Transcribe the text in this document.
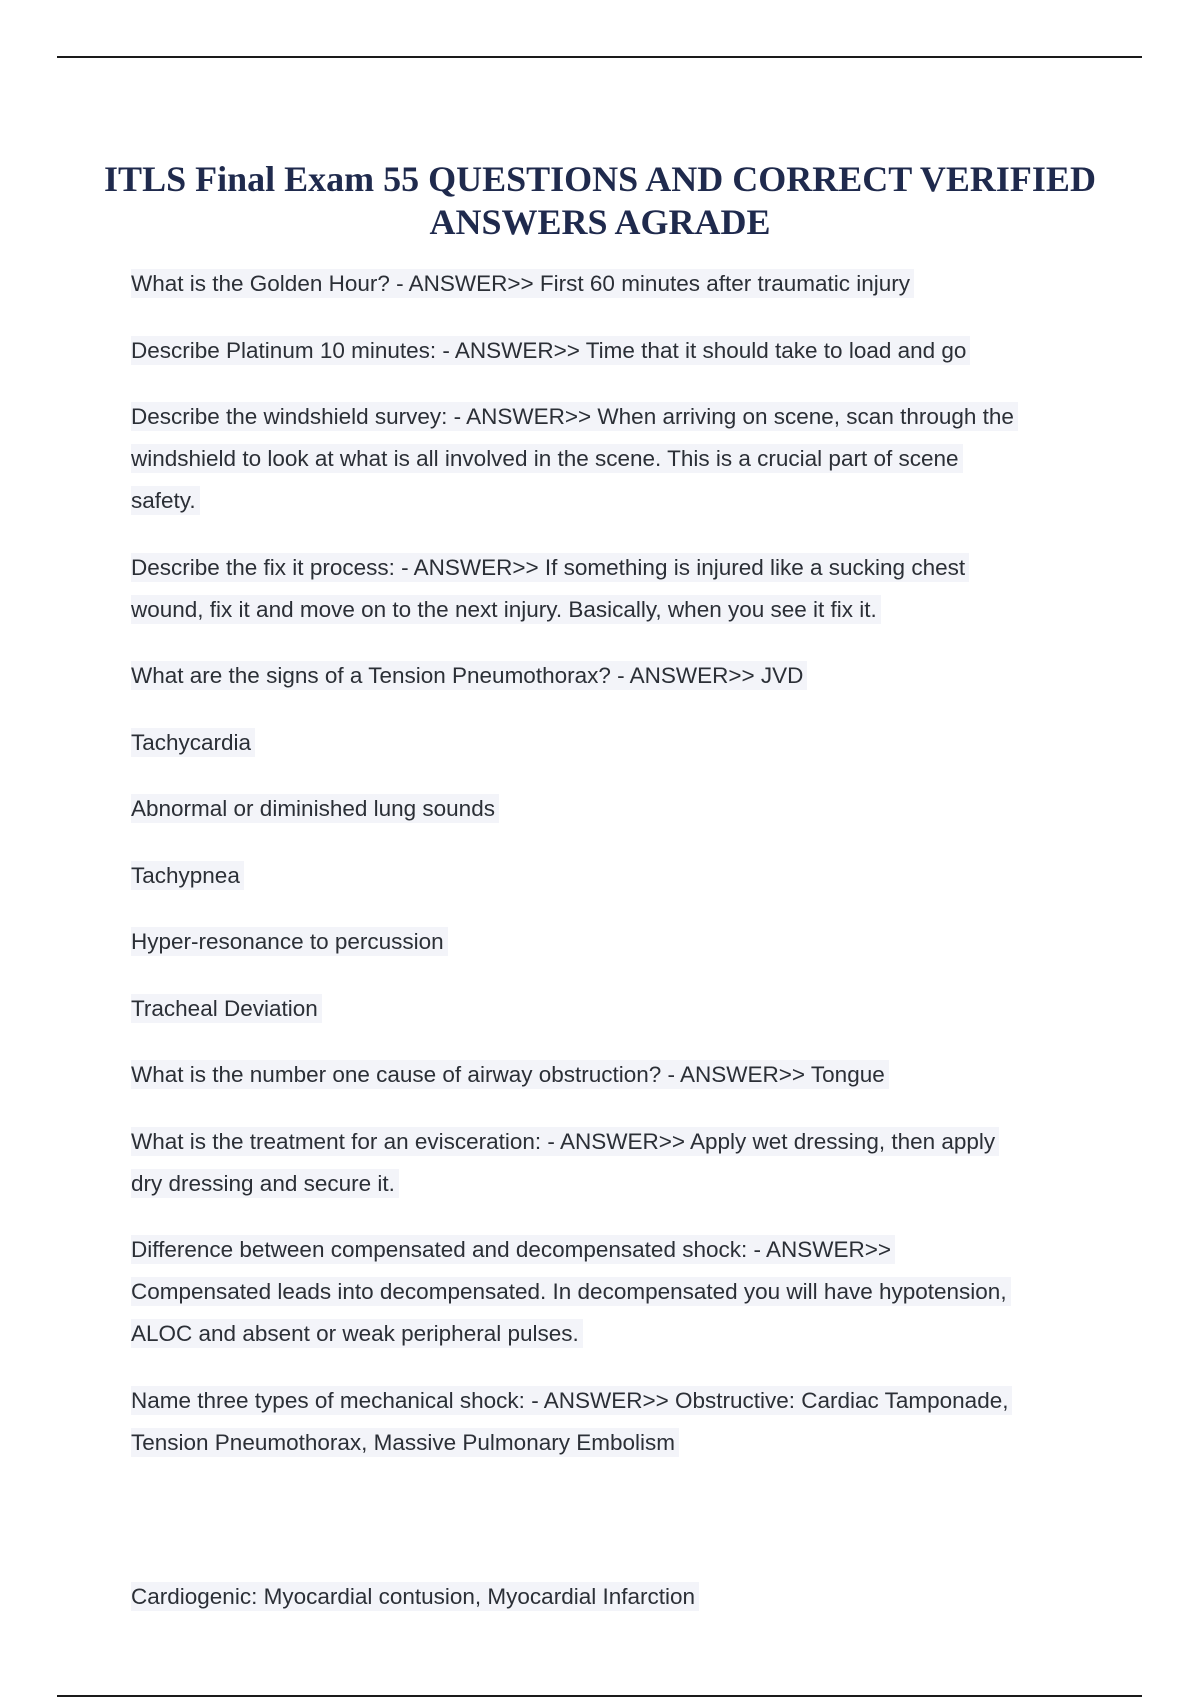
ITLS Final Exam 55 QUESTIONS AND CORRECT VERIFIED ANSWERS AGRADE

What is the Golden Hour? - ANSWER>> First 60 minutes after traumatic injury

Describe Platinum 10 minutes: - ANSWER>> Time that it should take to load and go

Describe the windshield survey: - ANSWER>> When arriving on scene, scan through the windshield to look at what is all involved in the scene. This is a crucial part of scene safety.

Describe the fix it process: - ANSWER>> If something is injured like a sucking chest wound, fix it and move on to the next injury. Basically, when you see it fix it.

What are the signs of a Tension Pneumothorax? - ANSWER>> JVD

Tachycardia

Abnormal or diminished lung sounds

Tachypnea

Hyper-resonance to percussion

Tracheal Deviation

What is the number one cause of airway obstruction? - ANSWER>> Tongue

What is the treatment for an evisceration: - ANSWER>> Apply wet dressing, then apply dry dressing and secure it.

Difference between compensated and decompensated shock: - ANSWER>> Compensated leads into decompensated. In decompensated you will have hypotension, ALOC and absent or weak peripheral pulses.

Name three types of mechanical shock: - ANSWER>> Obstructive: Cardiac Tamponade, Tension Pneumothorax, Massive Pulmonary Embolism

Cardiogenic: Myocardial contusion, Myocardial Infarction
